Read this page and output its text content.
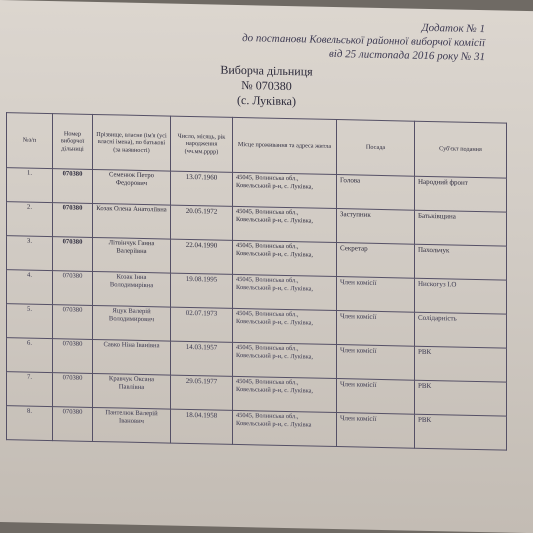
Додаток № 1
до постанови Ковельської районної виборчої комісії
від 25 листопада 2016 року № 31
Виборча дільниця
№ 070380
(с. Луківка)
№з/п	Номер виборчої дільниці	Прізвище, власне (ім'я (усі власні імена), по батькові (за наявності)	Число, місяць, рік народження (чч.мм.рррр)	Місце проживання та адреса житла	Посада	Суб'єкт подання
1.	070380	Семенюк Петро Федорович	13.07.1960	45045, Волинська обл., Ковельський р-н, с. Луківка,	Голова	Народний фронт
2.	070380	Козак Олена Анатоліївна	20.05.1972	45045, Волинська обл., Ковельський р-н, с. Луківка,	Заступник	Батьківщина
3.	070380	Літвінчук Ганна Валеріївна	22.04.1990	45045, Волинська обл., Ковельський р-н, с. Луківка,	Секретар	Пахольчук
4.	070380	Козак Інна Володимирівна	19.08.1995	45045, Волинська обл., Ковельський р-н, с. Луківка,	Член комісії	Нискогуз І.О
5.	070380	Яцук Валерій Володимирович	02.07.1973	45045, Волинська обл., Ковельський р-н, с. Луківка,	Член комісії	Солідарність
6.	070380	Савко Ніна Іванівна	14.03.1957	45045, Волинська обл., Ковельський р-н, с. Луківка,	Член комісії	РВК
7.	070380	Кравчук Оксана Павлівна	29.05.1977	45045, Волинська обл., Ковельський р-н, с. Луківка,	Член комісії	РВК
8.	070380	Пантелюк Валерій Іванович	18.04.1958	45045, Волинська обл., Ковельський р-н, с. Луківка	Член комісії	РВК
